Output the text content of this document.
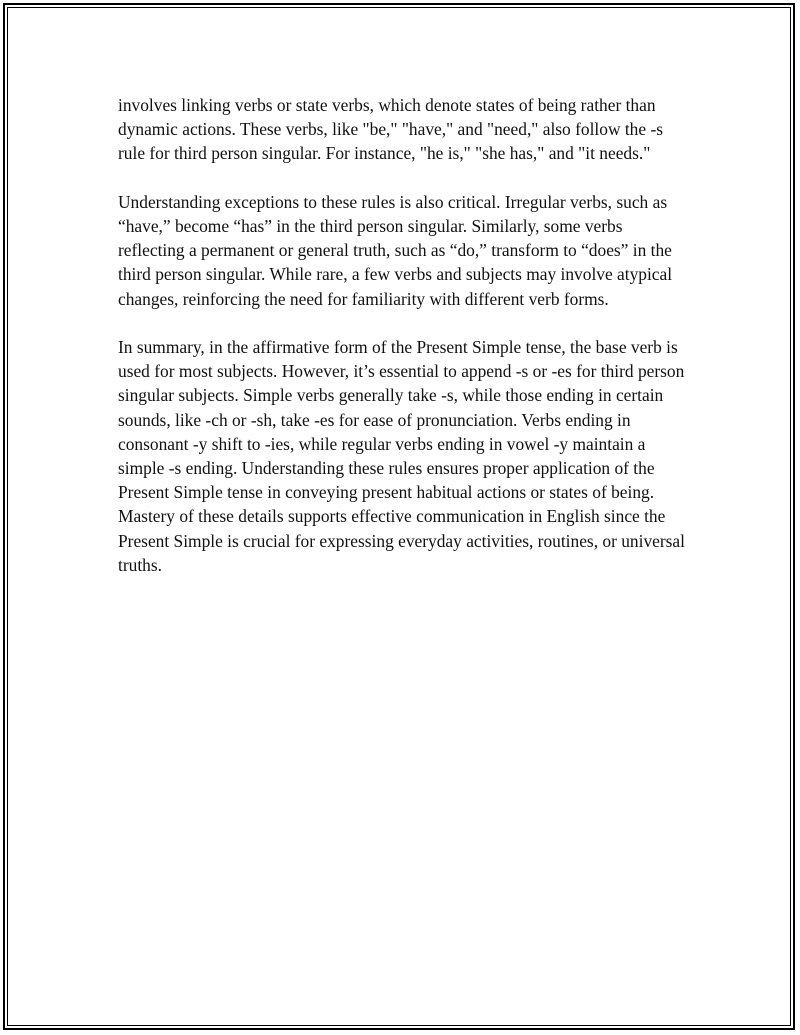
involves linking verbs or state verbs, which denote states of being rather than dynamic actions. These verbs, like "be," "have," and "need," also follow the -s rule for third person singular. For instance, "he is," "she has," and "it needs."

Understanding exceptions to these rules is also critical. Irregular verbs, such as “have,” become “has” in the third person singular. Similarly, some verbs reflecting a permanent or general truth, such as “do,” transform to “does” in the third person singular. While rare, a few verbs and subjects may involve atypical changes, reinforcing the need for familiarity with different verb forms.

In summary, in the affirmative form of the Present Simple tense, the base verb is used for most subjects. However, it’s essential to append -s or -es for third person singular subjects. Simple verbs generally take -s, while those ending in certain sounds, like -ch or -sh, take -es for ease of pronunciation. Verbs ending in consonant -y shift to -ies, while regular verbs ending in vowel -y maintain a simple -s ending. Understanding these rules ensures proper application of the Present Simple tense in conveying present habitual actions or states of being. Mastery of these details supports effective communication in English since the Present Simple is crucial for expressing everyday activities, routines, or universal truths.
